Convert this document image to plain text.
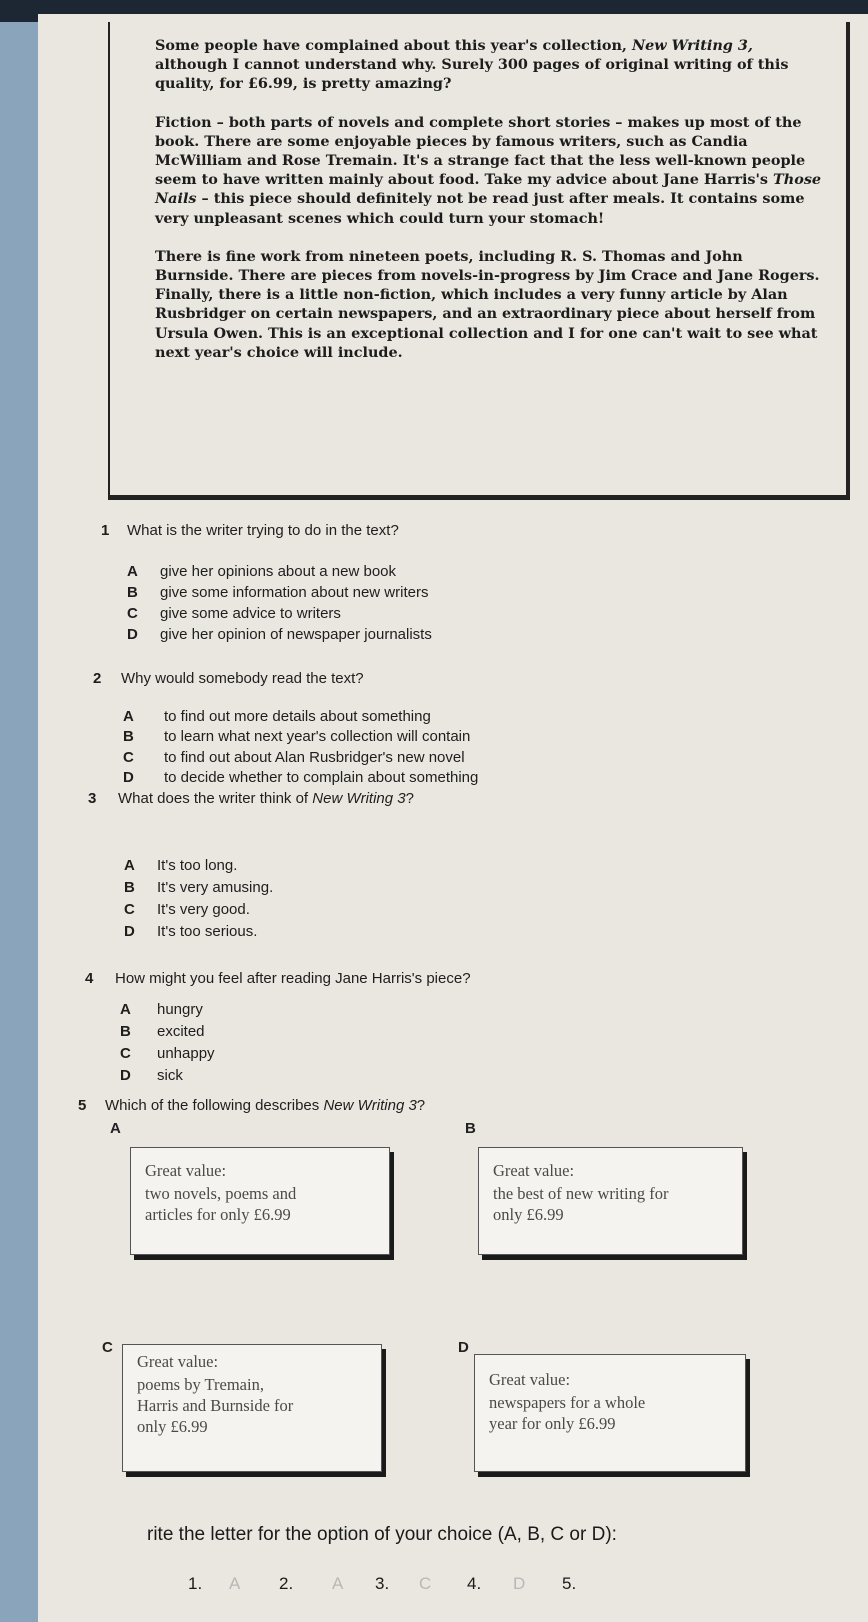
Some people have complained about this year's collection, New Writing 3, although I cannot understand why. Surely 300 pages of original writing of this quality, for £6.99, is pretty amazing?

Fiction – both parts of novels and complete short stories – makes up most of the book. There are some enjoyable pieces by famous writers, such as Candia McWilliam and Rose Tremain. It's a strange fact that the less well-known people seem to have written mainly about food. Take my advice about Jane Harris's Those Nails – this piece should definitely not be read just after meals. It contains some very unpleasant scenes which could turn your stomach!

There is fine work from nineteen poets, including R. S. Thomas and John Burnside. There are pieces from novels-in-progress by Jim Crace and Jane Rogers. Finally, there is a little non-fiction, which includes a very funny article by Alan Rusbridger on certain newspapers, and an extraordinary piece about herself from Ursula Owen. This is an exceptional collection and I for one can't wait to see what next year's choice will include.

1 What is the writer trying to do in the text?
A give her opinions about a new book
B give some information about new writers
C give some advice to writers
D give her opinion of newspaper journalists
2 Why would somebody read the text?
A to find out more details about something
B to learn what next year's collection will contain
C to find out about Alan Rusbridger's new novel
D to decide whether to complain about something
3 What does the writer think of New Writing 3?
A It's too long.
B It's very amusing.
C It's very good.
D It's too serious.
4 How might you feel after reading Jane Harris's piece?
A hungry
B excited
C unhappy
D sick
5 Which of the following describes New Writing 3?
A
Great value:
two novels, poems and
articles for only £6.99
B
Great value:
the best of new writing for
only £6.99
C
Great value:
poems by Tremain,
Harris and Burnside for
only £6.99
D
Great value:
newspapers for a whole
year for only £6.99
rite the letter for the option of your choice (A, B, C or D):
1. A 2. A 3. C 4. D 5.
